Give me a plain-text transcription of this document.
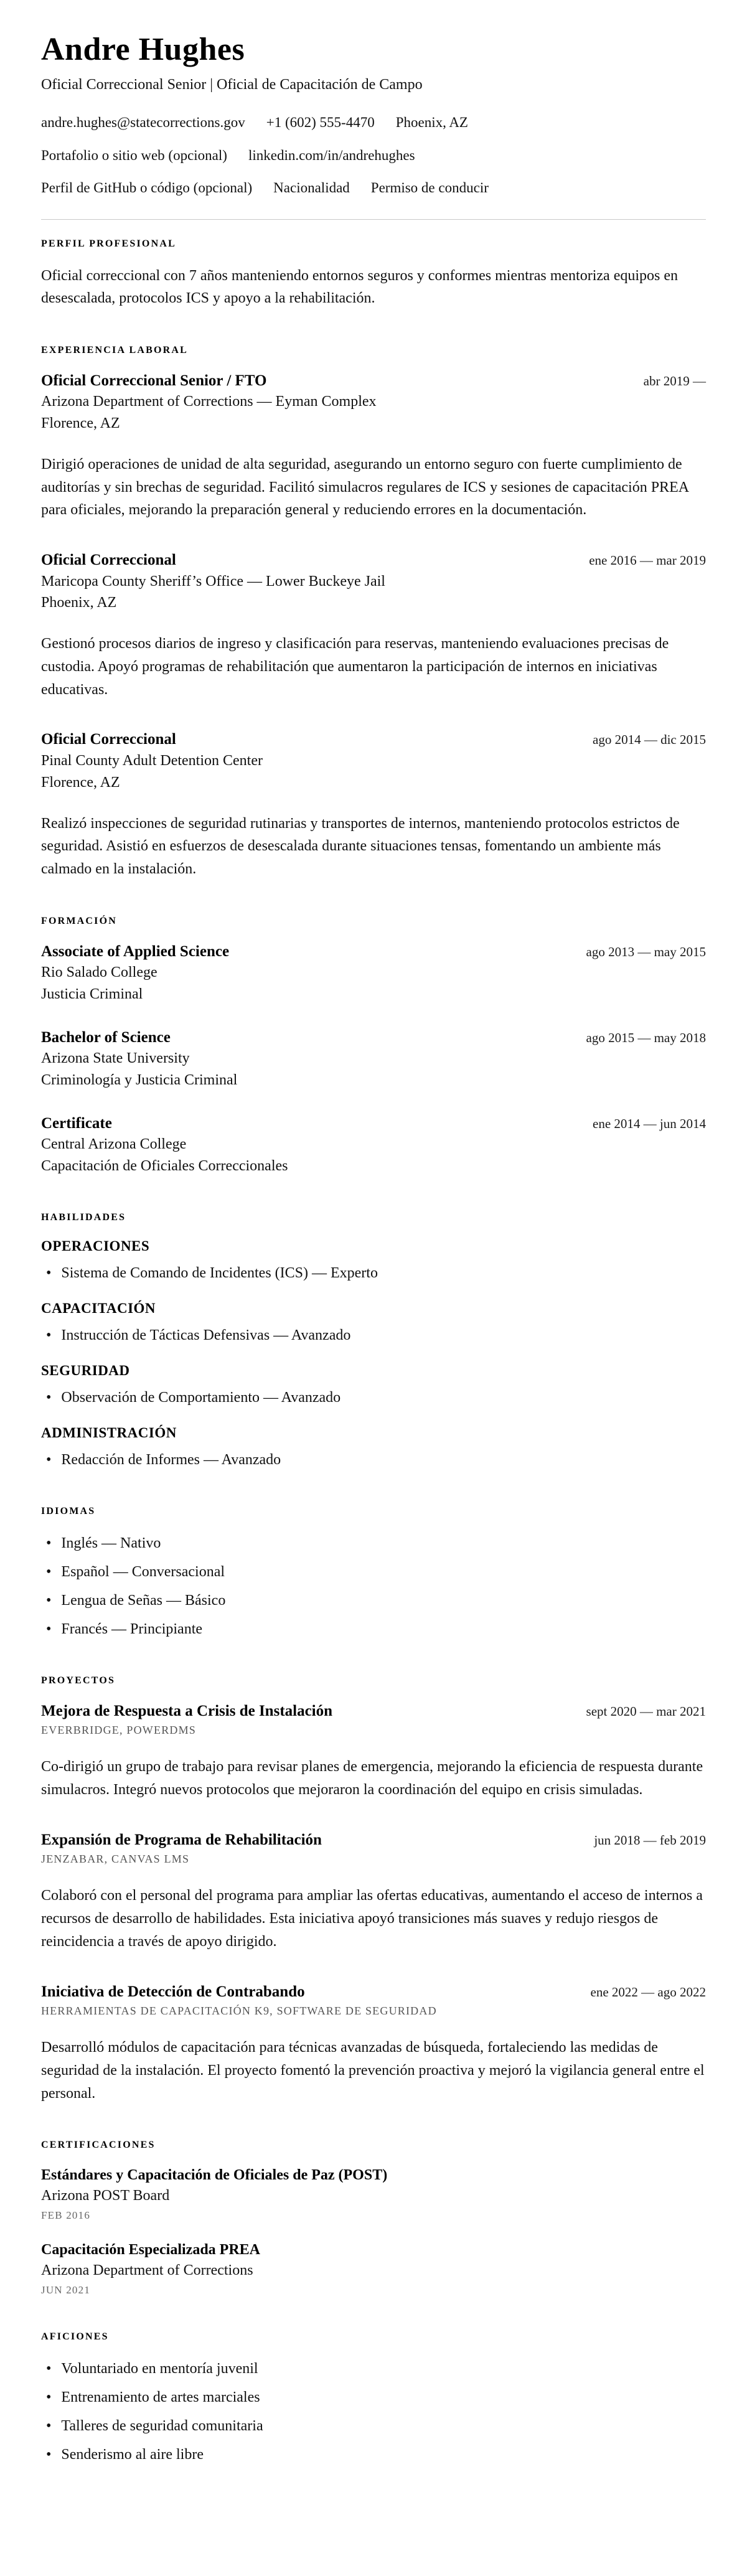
Andre Hughes
Oficial Correccional Senior | Oficial de Capacitación de Campo
andre.hughes@statecorrections.gov +1 (602) 555-4470 Phoenix, AZ
Portafolio o sitio web (opcional) linkedin.com/in/andrehughes
Perfil de GitHub o código (opcional) Nacionalidad Permiso de conducir
PERFIL PROFESIONAL

Oficial correccional con 7 años manteniendo entornos seguros y conformes mientras mentoriza equipos en desescalada, protocolos ICS y apoyo a la rehabilitación.

EXPERIENCIA LABORAL
Oficial Correccional Senior / FTO	abr 2019 —
Arizona Department of Corrections — Eyman Complex
Florence, AZ

Dirigió operaciones de unidad de alta seguridad, asegurando un entorno seguro con fuerte cumplimiento de auditorías y sin brechas de seguridad. Facilitó simulacros regulares de ICS y sesiones de capacitación PREA para oficiales, mejorando la preparación general y reduciendo errores en la documentación.

Oficial Correccional	ene 2016 — mar 2019
Maricopa County Sheriff’s Office — Lower Buckeye Jail
Phoenix, AZ

Gestionó procesos diarios de ingreso y clasificación para reservas, manteniendo evaluaciones precisas de custodia. Apoyó programas de rehabilitación que aumentaron la participación de internos en iniciativas educativas.

Oficial Correccional	ago 2014 — dic 2015
Pinal County Adult Detention Center
Florence, AZ

Realizó inspecciones de seguridad rutinarias y transportes de internos, manteniendo protocolos estrictos de seguridad. Asistió en esfuerzos de desescalada durante situaciones tensas, fomentando un ambiente más calmado en la instalación.

FORMACIÓN
Associate of Applied Science	ago 2013 — may 2015
Rio Salado College
Justicia Criminal
Bachelor of Science	ago 2015 — may 2018
Arizona State University
Criminología y Justicia Criminal
Certificate	ene 2014 — jun 2014
Central Arizona College
Capacitación de Oficiales Correccionales
HABILIDADES
OPERACIONES
• Sistema de Comando de Incidentes (ICS) — Experto
CAPACITACIÓN
• Instrucción de Tácticas Defensivas — Avanzado
SEGURIDAD
• Observación de Comportamiento — Avanzado
ADMINISTRACIÓN
• Redacción de Informes — Avanzado
IDIOMAS
• Inglés — Nativo
• Español — Conversacional
• Lengua de Señas — Básico
• Francés — Principiante
PROYECTOS
Mejora de Respuesta a Crisis de Instalación	sept 2020 — mar 2021
EVERBRIDGE, POWERDMS

Co-dirigió un grupo de trabajo para revisar planes de emergencia, mejorando la eficiencia de respuesta durante simulacros. Integró nuevos protocolos que mejoraron la coordinación del equipo en crisis simuladas.

Expansión de Programa de Rehabilitación	jun 2018 — feb 2019
JENZABAR, CANVAS LMS

Colaboró con el personal del programa para ampliar las ofertas educativas, aumentando el acceso de internos a recursos de desarrollo de habilidades. Esta iniciativa apoyó transiciones más suaves y redujo riesgos de reincidencia a través de apoyo dirigido.

Iniciativa de Detección de Contrabando	ene 2022 — ago 2022
HERRAMIENTAS DE CAPACITACIÓN K9, SOFTWARE DE SEGURIDAD

Desarrolló módulos de capacitación para técnicas avanzadas de búsqueda, fortaleciendo las medidas de seguridad de la instalación. El proyecto fomentó la prevención proactiva y mejoró la vigilancia general entre el personal.

CERTIFICACIONES
Estándares y Capacitación de Oficiales de Paz (POST)
Arizona POST Board
FEB 2016
Capacitación Especializada PREA
Arizona Department of Corrections
JUN 2021
AFICIONES
• Voluntariado en mentoría juvenil
• Entrenamiento de artes marciales
• Talleres de seguridad comunitaria
• Senderismo al aire libre
